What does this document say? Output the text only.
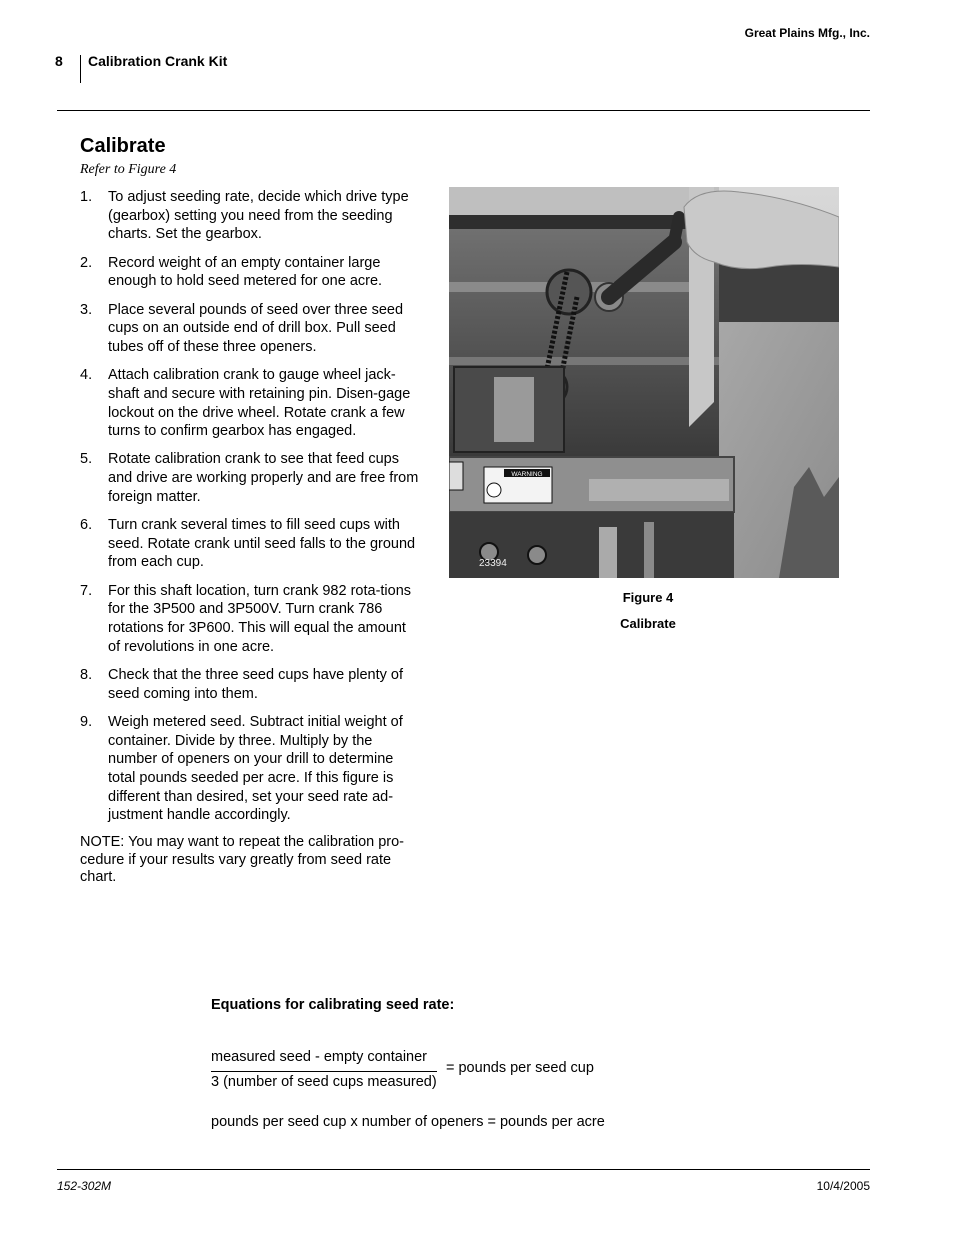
Great Plains Mfg., Inc.
8 Calibration Crank Kit
Calibrate
Refer to Figure 4
1. To adjust seeding rate, decide which drive type (gearbox) setting you need from the seeding charts. Set the gearbox.
2. Record weight of an empty container large enough to hold seed metered for one acre.
3. Place several pounds of seed over three seed cups on an outside end of drill box. Pull seed tubes off of these three openers.
4. Attach calibration crank to gauge wheel jack-shaft and secure with retaining pin. Disen-gage lockout on the drive wheel. Rotate crank a few turns to confirm gearbox has engaged.
5. Rotate calibration crank to see that feed cups and drive are working properly and are free from foreign matter.
6. Turn crank several times to fill seed cups with seed. Rotate crank until seed falls to the ground from each cup.
7. For this shaft location, turn crank 982 rota-tions for the 3P500 and 3P500V. Turn crank 786 rotations for 3P600. This will equal the amount of revolutions in one acre.
8. Check that the three seed cups have plenty of seed coming into them.
9. Weigh metered seed. Subtract initial weight of container. Divide by three. Multiply by the number of openers on your drill to determine total pounds seeded per acre. If this figure is different than desired, set your seed rate ad-justment handle accordingly.
NOTE: You may want to repeat the calibration pro-cedure if your results vary greatly from seed rate chart.
WARNING
23394
Figure 4
Calibrate
Equations for calibrating seed rate:
measured seed - empty container
3 (number of seed cups measured)
= pounds per seed cup
pounds per seed cup x number of openers = pounds per acre
152-302M	10/4/2005
